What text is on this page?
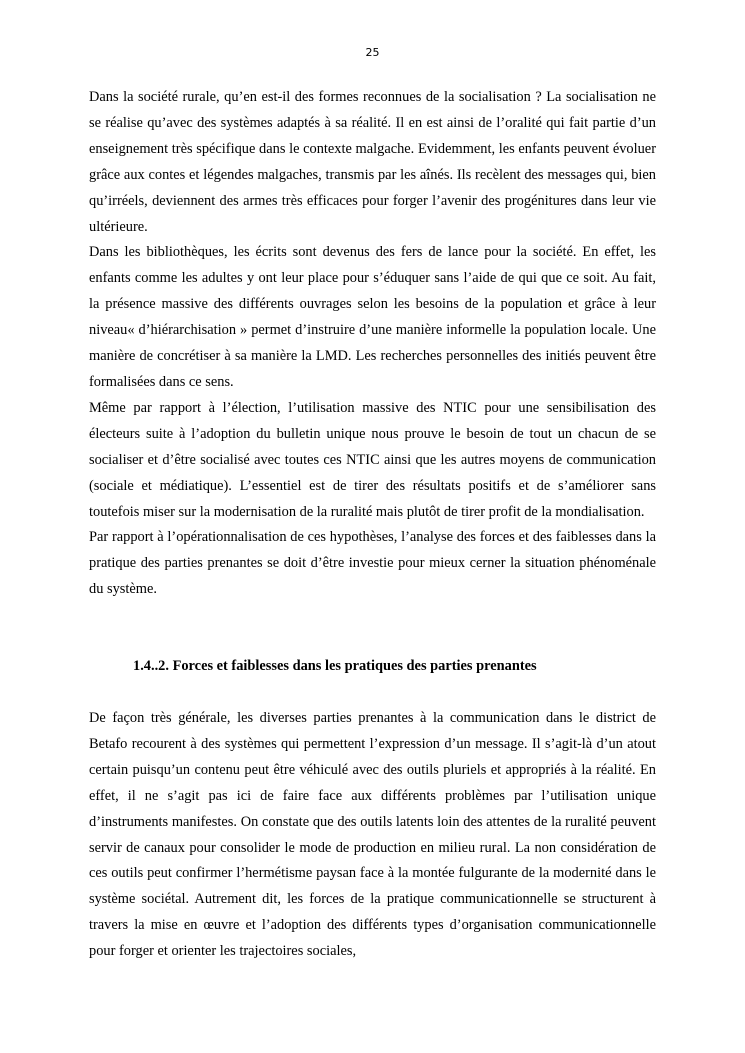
25

Dans la société rurale, qu’en est-il des formes reconnues de la socialisation ? La socialisation ne se réalise qu’avec des systèmes adaptés à sa réalité. Il en est ainsi de l’oralité qui fait partie d’un enseignement très spécifique dans le contexte malgache. Evidemment, les enfants peuvent évoluer grâce aux contes et légendes malgaches, transmis par les aînés. Ils recèlent des messages qui, bien qu’irréels, deviennent des armes très efficaces pour forger l’avenir des progénitures dans leur vie ultérieure.

Dans les bibliothèques, les écrits sont devenus des fers de lance pour la société. En effet, les enfants comme les adultes y ont leur place pour s’éduquer sans l’aide de qui que ce soit. Au fait, la présence massive des différents ouvrages selon les besoins de la population et grâce à leur niveau« d’hiérarchisation » permet d’instruire d’une manière informelle la population locale. Une manière de concrétiser à sa manière la LMD. Les recherches personnelles des initiés peuvent être formalisées dans ce sens.

Même par rapport à l’élection, l’utilisation massive des NTIC pour une sensibilisation des électeurs suite à l’adoption du bulletin unique nous prouve le besoin de tout un chacun de se socialiser et d’être socialisé avec toutes ces NTIC ainsi que les autres moyens de communication (sociale et médiatique). L’essentiel est de tirer des résultats positifs et de s’améliorer sans toutefois miser sur la modernisation de la ruralité mais plutôt de tirer profit de la mondialisation.

Par rapport à l’opérationnalisation de ces hypothèses, l’analyse des forces et des faiblesses dans la pratique des parties prenantes se doit d’être investie pour mieux cerner la situation phénoménale du système.

1.4..2. Forces et faiblesses dans les pratiques des parties prenantes

De façon très générale, les diverses parties prenantes à la communication dans le district de Betafo recourent à des systèmes qui permettent l’expression d’un message. Il s’agit-là d’un atout certain puisqu’un contenu peut être véhiculé avec des outils pluriels et appropriés à la réalité. En effet, il ne s’agit pas ici de faire face aux différents problèmes par l’utilisation unique d’instruments manifestes. On constate que des outils latents loin des attentes de la ruralité peuvent servir de canaux pour consolider le mode de production en milieu rural. La non considération de ces outils peut confirmer l’hermétisme paysan face à la montée fulgurante de la modernité dans le système sociétal. Autrement dit, les forces de la pratique communicationnelle se structurent à travers la mise en œuvre et l’adoption des différents types d’organisation communicationnelle pour forger et orienter les trajectoires sociales,
